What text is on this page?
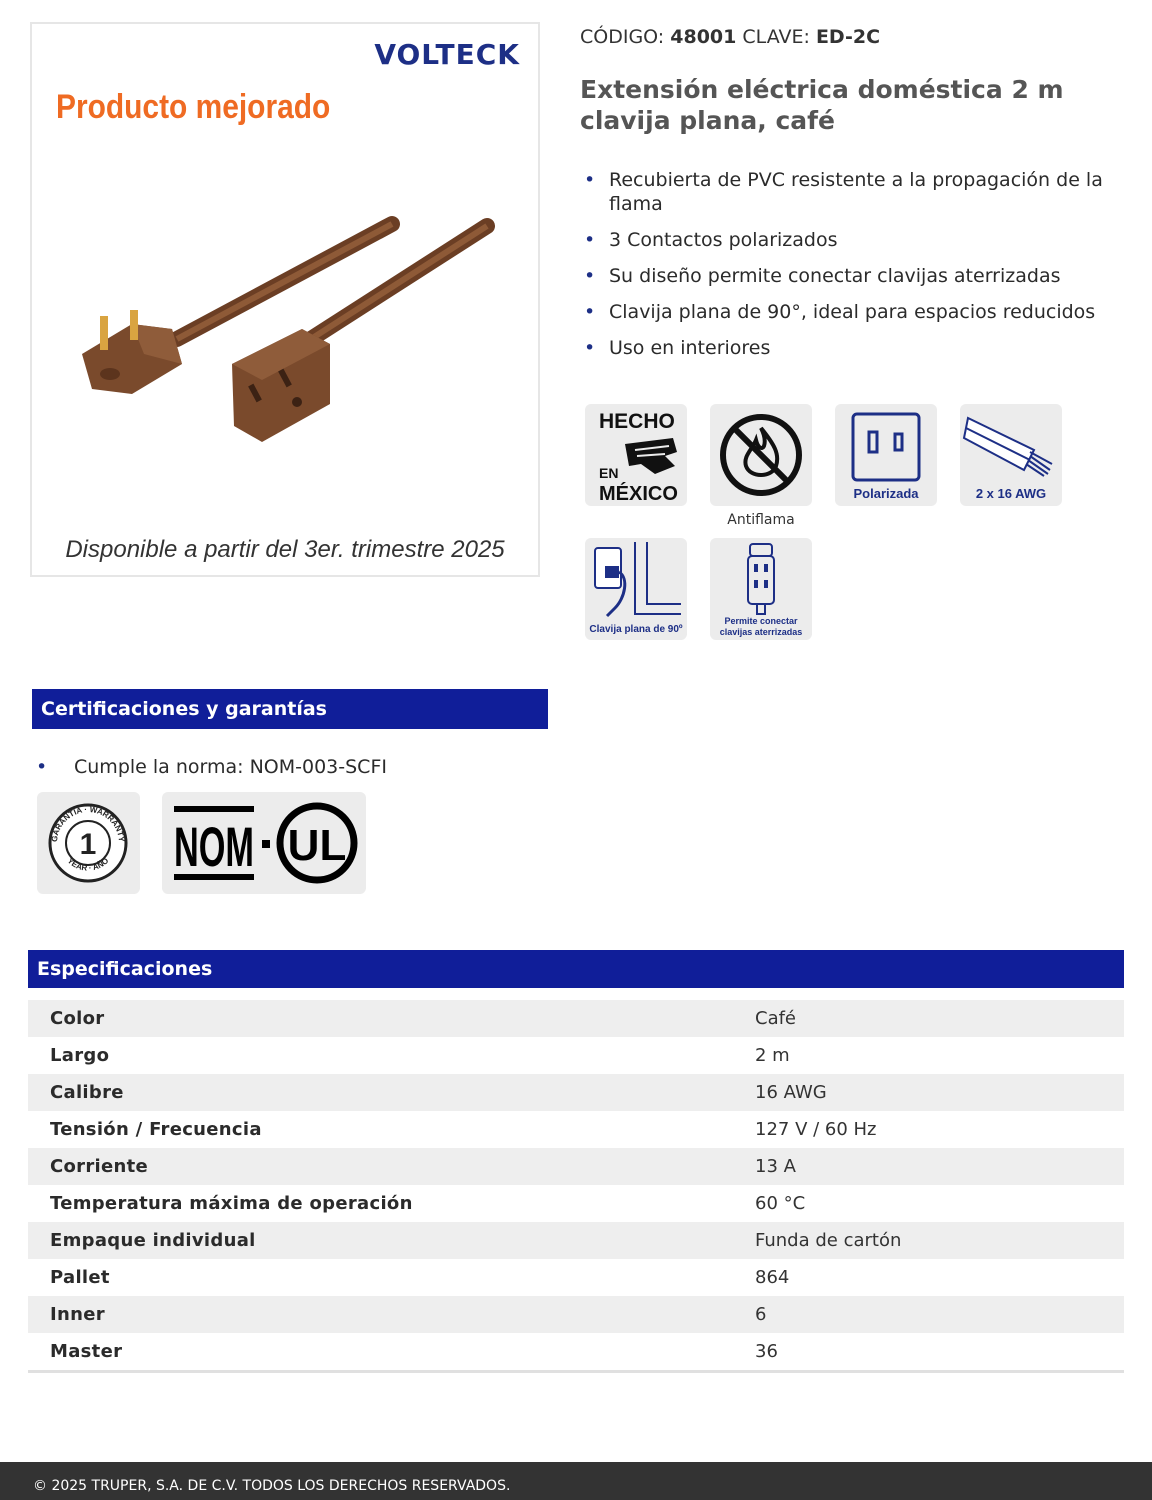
VOLTECK
Producto mejorado
Disponible a partir del 3er. trimestre 2025
CÓDIGO: 48001 CLAVE: ED-2C
Extensión eléctrica doméstica 2 m clavija plana, café
• Recubierta de PVC resistente a la propagación de la flama
• 3 Contactos polarizados
• Su diseño permite conectar clavijas aterrizadas
• Clavija plana de 90°, ideal para espacios reducidos
• Uso en interiores
HECHO
EN
MÉXICO
Antiflama
Polarizada	2 x 16 AWG
Clavija plana de 90º
Permite conectar
clavijas aterrizadas
Certificaciones y garantías
• Cumple la norma: NOM-003-SCFI
GARANTÍA · WARRANTY
YEAR · AÑO
1 NOM UL
Especificaciones
Color	Café
Largo	2 m
Calibre	16 AWG
Tensión / Frecuencia	127 V / 60 Hz
Corriente	13 A
Temperatura máxima de operación	60 °C
Empaque individual	Funda de cartón
Pallet	864
Inner	6
Master	36
© 2025 TRUPER, S.A. DE C.V. TODOS LOS DERECHOS RESERVADOS.
